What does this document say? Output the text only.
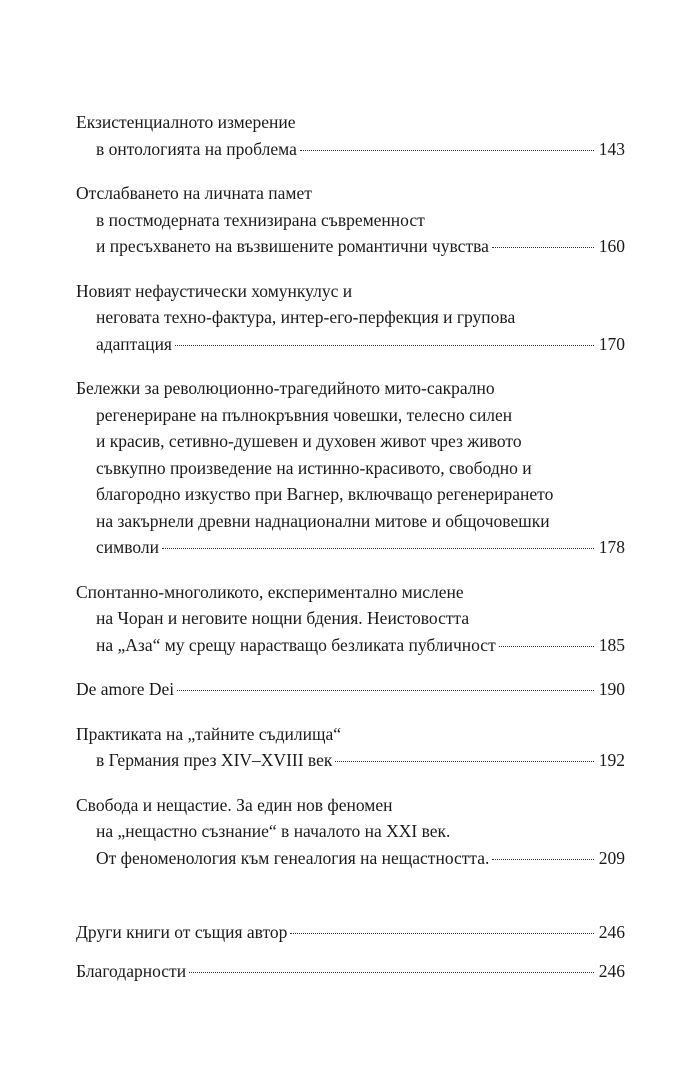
Екзистенциалното измерение
в онтологията на проблема	143
Отслабването на личната памет
в постмодерната технизирана съвременност
и пресъхването на възвишените романтични чувства	160
Новият нефаустически хомункулус и
неговата техно-фактура, интер-его-перфекция и групова
адаптация	170
Бележки за революционно-трагедийното мито-сакрално
регенериране на пълнокръвния човешки, телесно силен
и красив, сетивно-душевен и духовен живот чрез живото
съвкупно произведение на истинно-красивото, свободно и
благородно изкуство при Вагнер, включващо регенерирането
на закърнели древни наднационални митове и общочовешки
символи	178
Спонтанно-многоликото, експериментално мислене
на Чоран и неговите нощни бдения. Неистовостта
на „Аза“ му срещу нарастващо безликата публичност	185
De amore Dei	190
Практиката на „тайните съдилища“
в Германия през XIV–XVIII век	192
Свобода и нещастие. За един нов феномен
на „нещастно съзнание“ в началото на XXI век.
От феноменология към генеалогия на нещастността.	209
Други книги от същия автор	246
Благодарности	246
